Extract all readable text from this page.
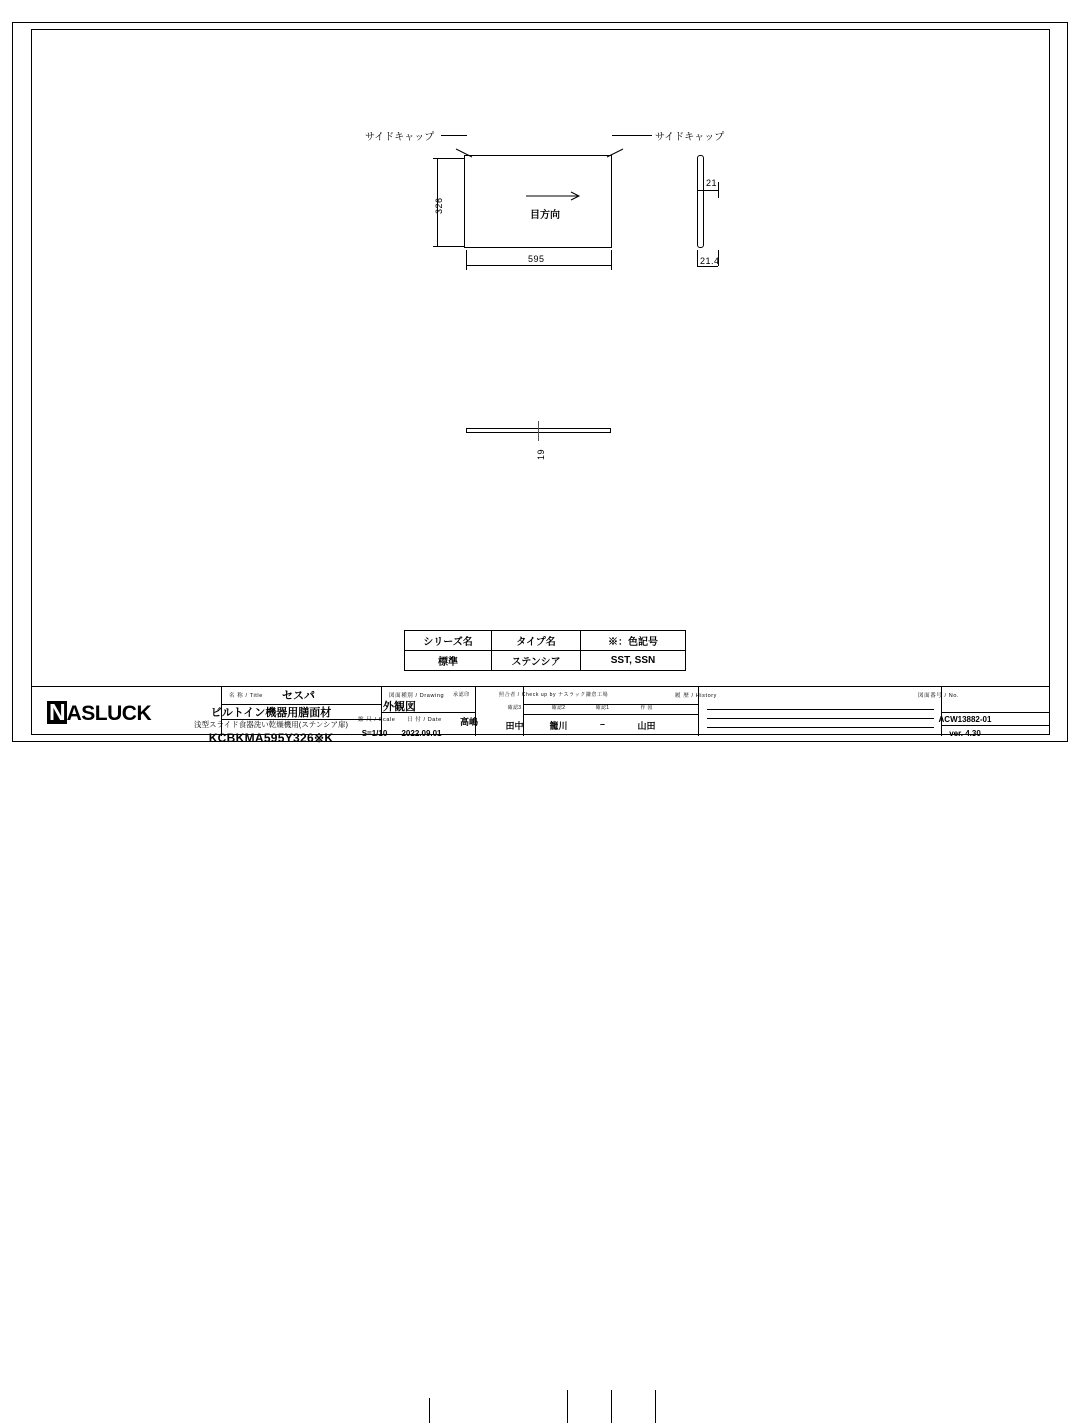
サイドキャップ	サイドキャップ
326
595
目方向
21
21.4
19
シリーズ名	タイプ名	※：色記号
標準	ステンシア	SST, SSN
NASLUCK
名 称 / Title セスパ
ビルトイン機器用膳面材
浅型スライド食器洗い乾燥機用(ステンシア扉)
KCBKMA595Y326※K
図面種別 / Drawing
外観図
縮 尺 / Scale
S=1/10
日 付 / Date
2022.09.01
承認印
高嶋
照合者 / Check up by ナスラック鎌倉工場
確認3	確認2	確認1	作 図
田中	籠川	–	山田
履 歴 / History	図面番号 / No.
ACW13882-01
ver. 4.30
